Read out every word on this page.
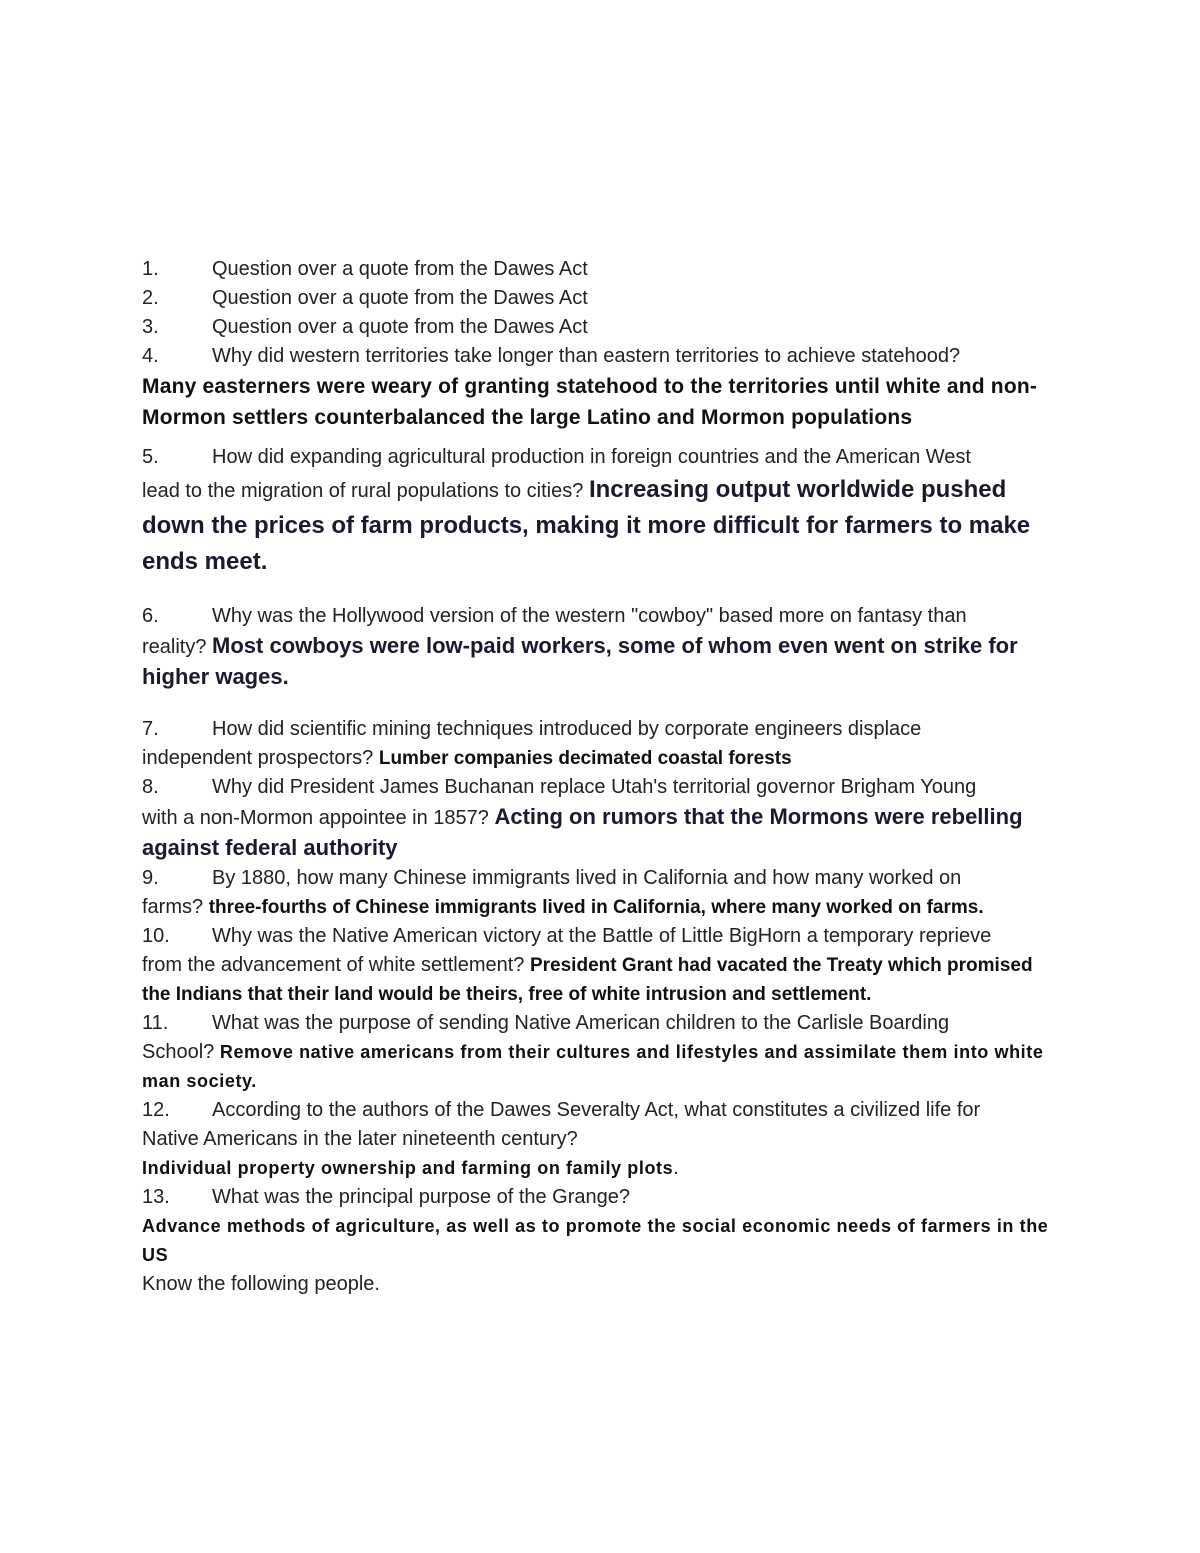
1.	Question over a quote from the Dawes Act
2.	Question over a quote from the Dawes Act
3.	Question over a quote from the Dawes Act
4.	Why did western territories take longer than eastern territories to achieve statehood?
Many easterners were weary of granting statehood to the territories until white and non-Mormon settlers counterbalanced the large Latino and Mormon populations
5.	How did expanding agricultural production in foreign countries and the American West
lead to the migration of rural populations to cities? Increasing output worldwide pushed down the prices of farm products, making it more difficult for farmers to make ends meet.
6.	Why was the Hollywood version of the western "cowboy" based more on fantasy than
reality? Most cowboys were low-paid workers, some of whom even went on strike for higher wages.
7.	How did scientific mining techniques introduced by corporate engineers displace
independent prospectors? Lumber companies decimated coastal forests
8.	Why did President James Buchanan replace Utah's territorial governor Brigham Young
with a non-Mormon appointee in 1857? Acting on rumors that the Mormons were rebelling against federal authority
9.	By 1880, how many Chinese immigrants lived in California and how many worked on
farms? three-fourths of Chinese immigrants lived in California, where many worked on farms.
10. Why was the Native American victory at the Battle of Little BigHorn a temporary reprieve
from the advancement of white settlement? President Grant had vacated the Treaty which promised the Indians that their land would be theirs, free of white intrusion and settlement.
11. What was the purpose of sending Native American children to the Carlisle Boarding
School? Remove native americans from their cultures and lifestyles and assimilate them into white man society.
12. According to the authors of the Dawes Severalty Act, what constitutes a civilized life for
Native Americans in the later nineteenth century?
Individual property ownership and farming on family plots.
13. What was the principal purpose of the Grange?
Advance methods of agriculture, as well as to promote the social economic needs of farmers in the US
Know the following people.
